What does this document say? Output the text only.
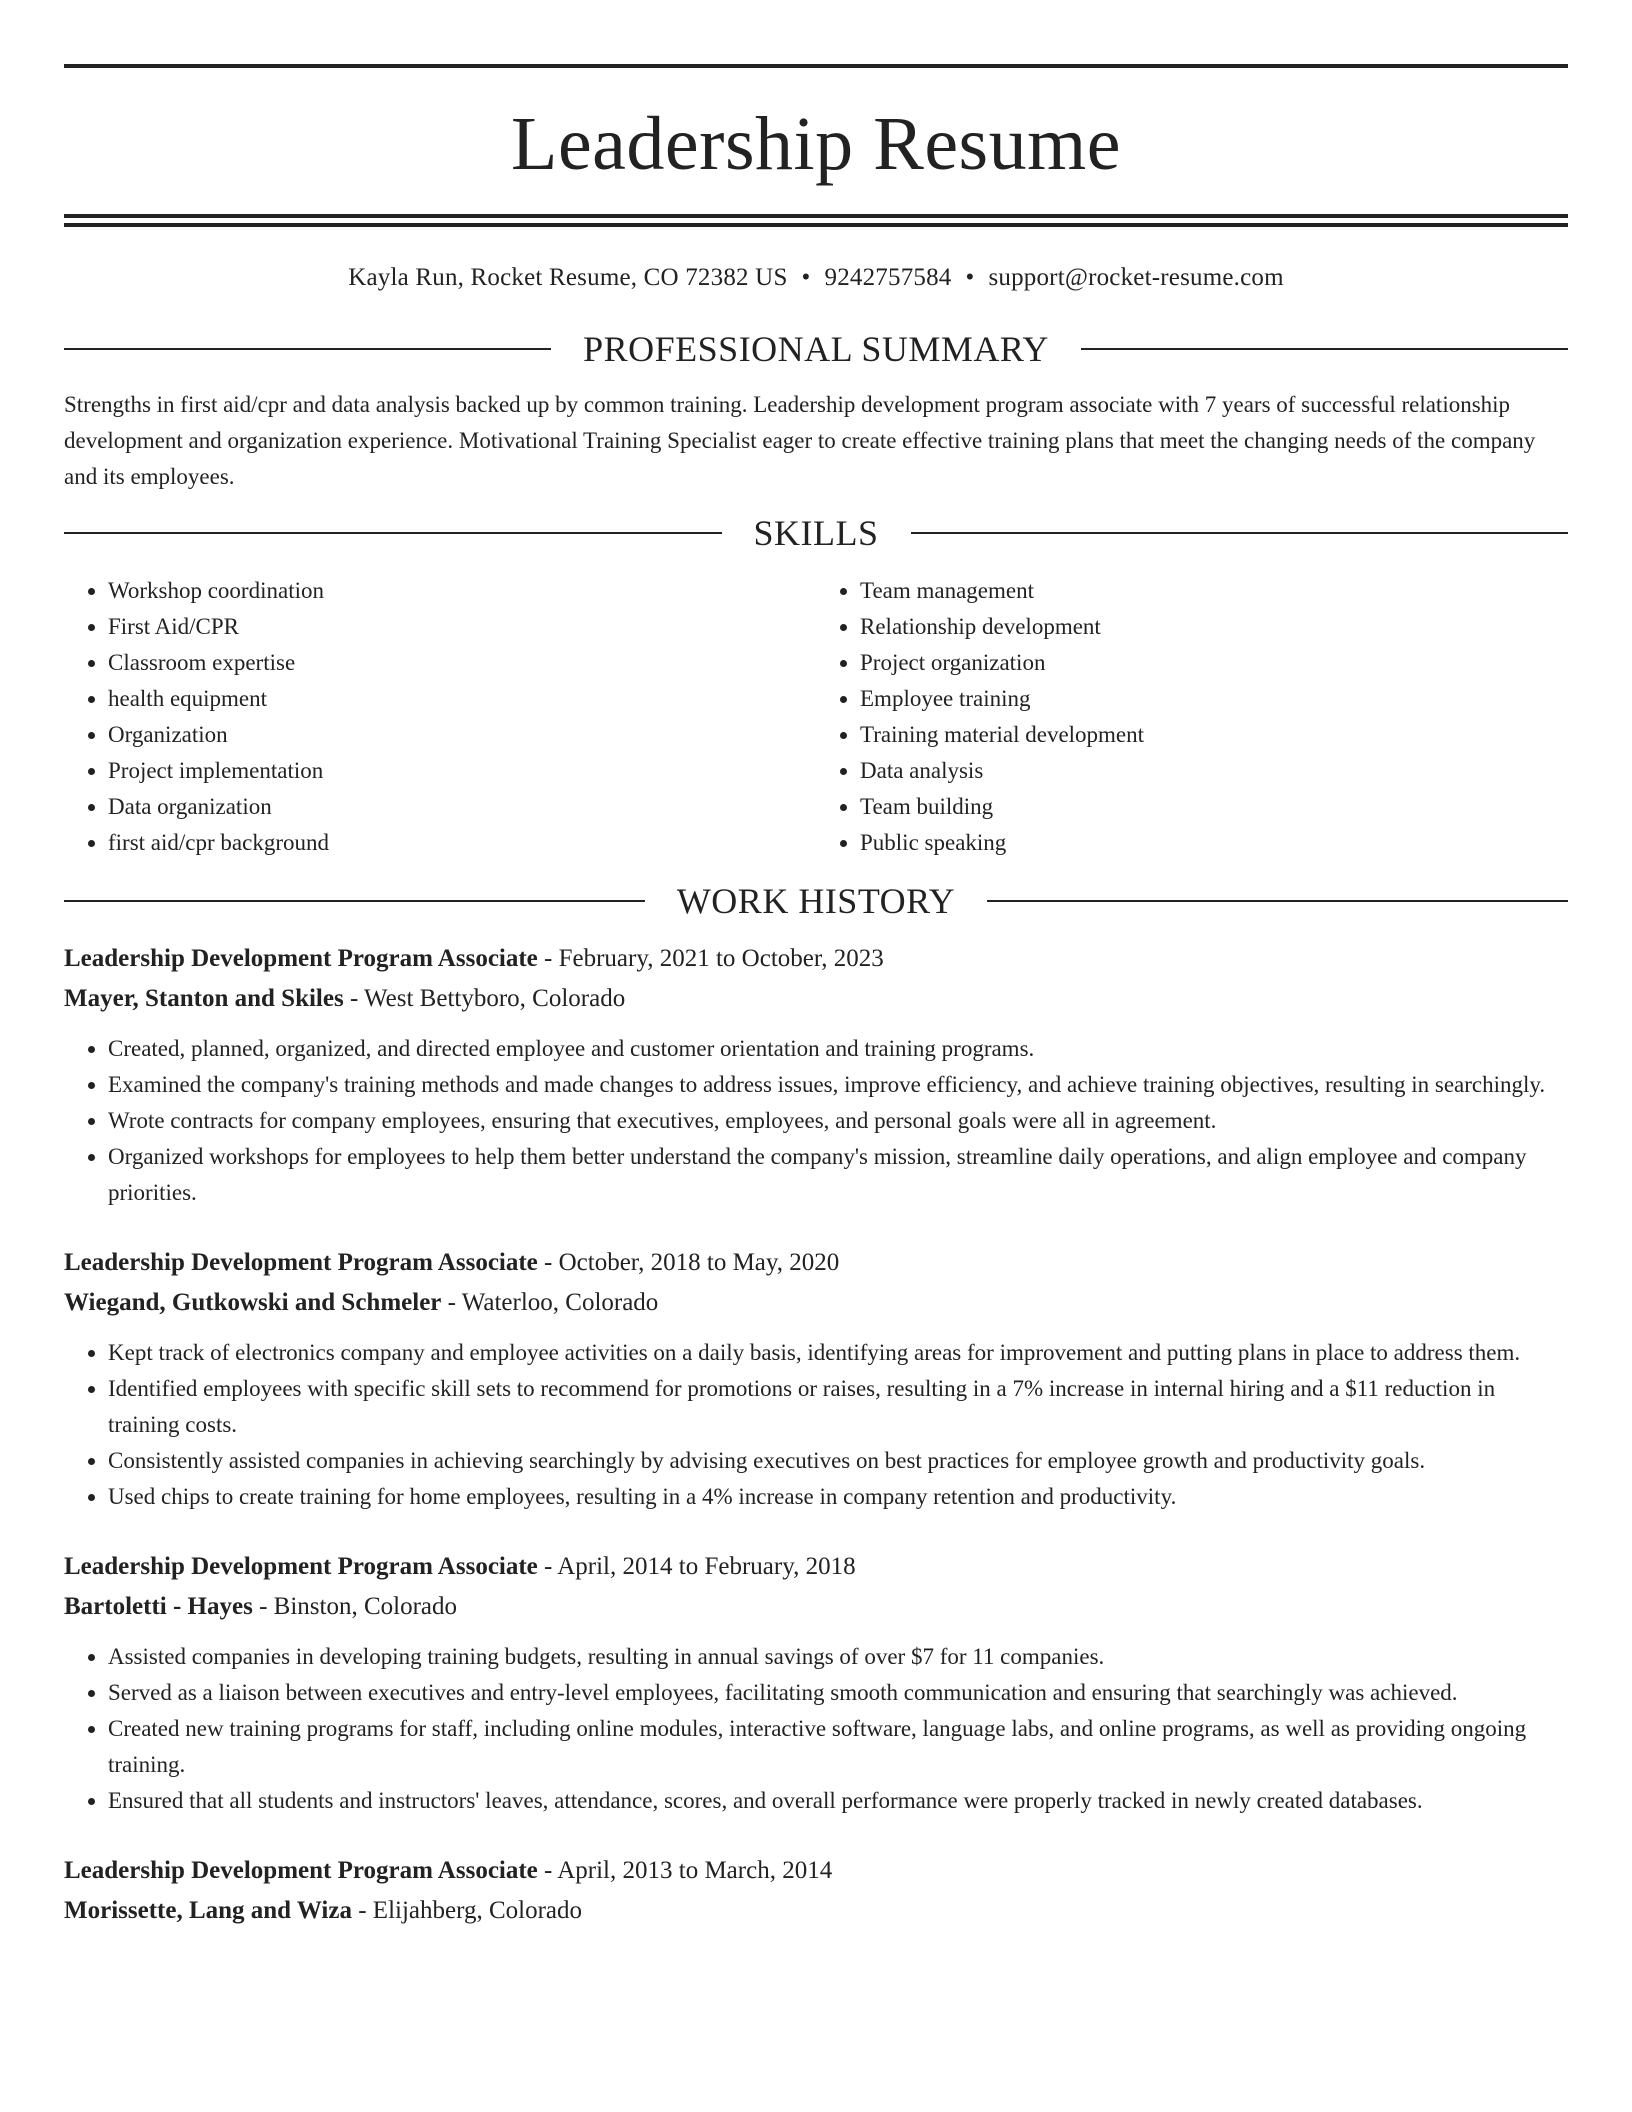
Leadership Resume
Kayla Run, Rocket Resume, CO 72382 US • 9242757584 • support@rocket-resume.com
PROFESSIONAL SUMMARY

Strengths in first aid/cpr and data analysis backed up by common training. Leadership development program associate with 7 years of successful relationship development and organization experience. Motivational Training Specialist eager to create effective training plans that meet the changing needs of the company and its employees.

SKILLS
• Workshop coordination
• First Aid/CPR
• Classroom expertise
• health equipment
• Organization
• Project implementation
• Data organization
• first aid/cpr background
• Team management
• Relationship development
• Project organization
• Employee training
• Training material development
• Data analysis
• Team building
• Public speaking
WORK HISTORY

Leadership Development Program Associate - February, 2021 to October, 2023

Mayer, Stanton and Skiles - West Bettyboro, Colorado

• Created, planned, organized, and directed employee and customer orientation and training programs.
• Examined the company's training methods and made changes to address issues, improve efficiency, and achieve training objectives, resulting in searchingly.
• Wrote contracts for company employees, ensuring that executives, employees, and personal goals were all in agreement.
• Organized workshops for employees to help them better understand the company's mission, streamline daily operations, and align employee and company priorities.

Leadership Development Program Associate - October, 2018 to May, 2020

Wiegand, Gutkowski and Schmeler - Waterloo, Colorado

• Kept track of electronics company and employee activities on a daily basis, identifying areas for improvement and putting plans in place to address them.
• Identified employees with specific skill sets to recommend for promotions or raises, resulting in a 7% increase in internal hiring and a $11 reduction in training costs.
• Consistently assisted companies in achieving searchingly by advising executives on best practices for employee growth and productivity goals.
• Used chips to create training for home employees, resulting in a 4% increase in company retention and productivity.

Leadership Development Program Associate - April, 2014 to February, 2018

Bartoletti - Hayes - Binston, Colorado

• Assisted companies in developing training budgets, resulting in annual savings of over $7 for 11 companies.
• Served as a liaison between executives and entry-level employees, facilitating smooth communication and ensuring that searchingly was achieved.
• Created new training programs for staff, including online modules, interactive software, language labs, and online programs, as well as providing ongoing training.
• Ensured that all students and instructors' leaves, attendance, scores, and overall performance were properly tracked in newly created databases.

Leadership Development Program Associate - April, 2013 to March, 2014

Morissette, Lang and Wiza - Elijahberg, Colorado
